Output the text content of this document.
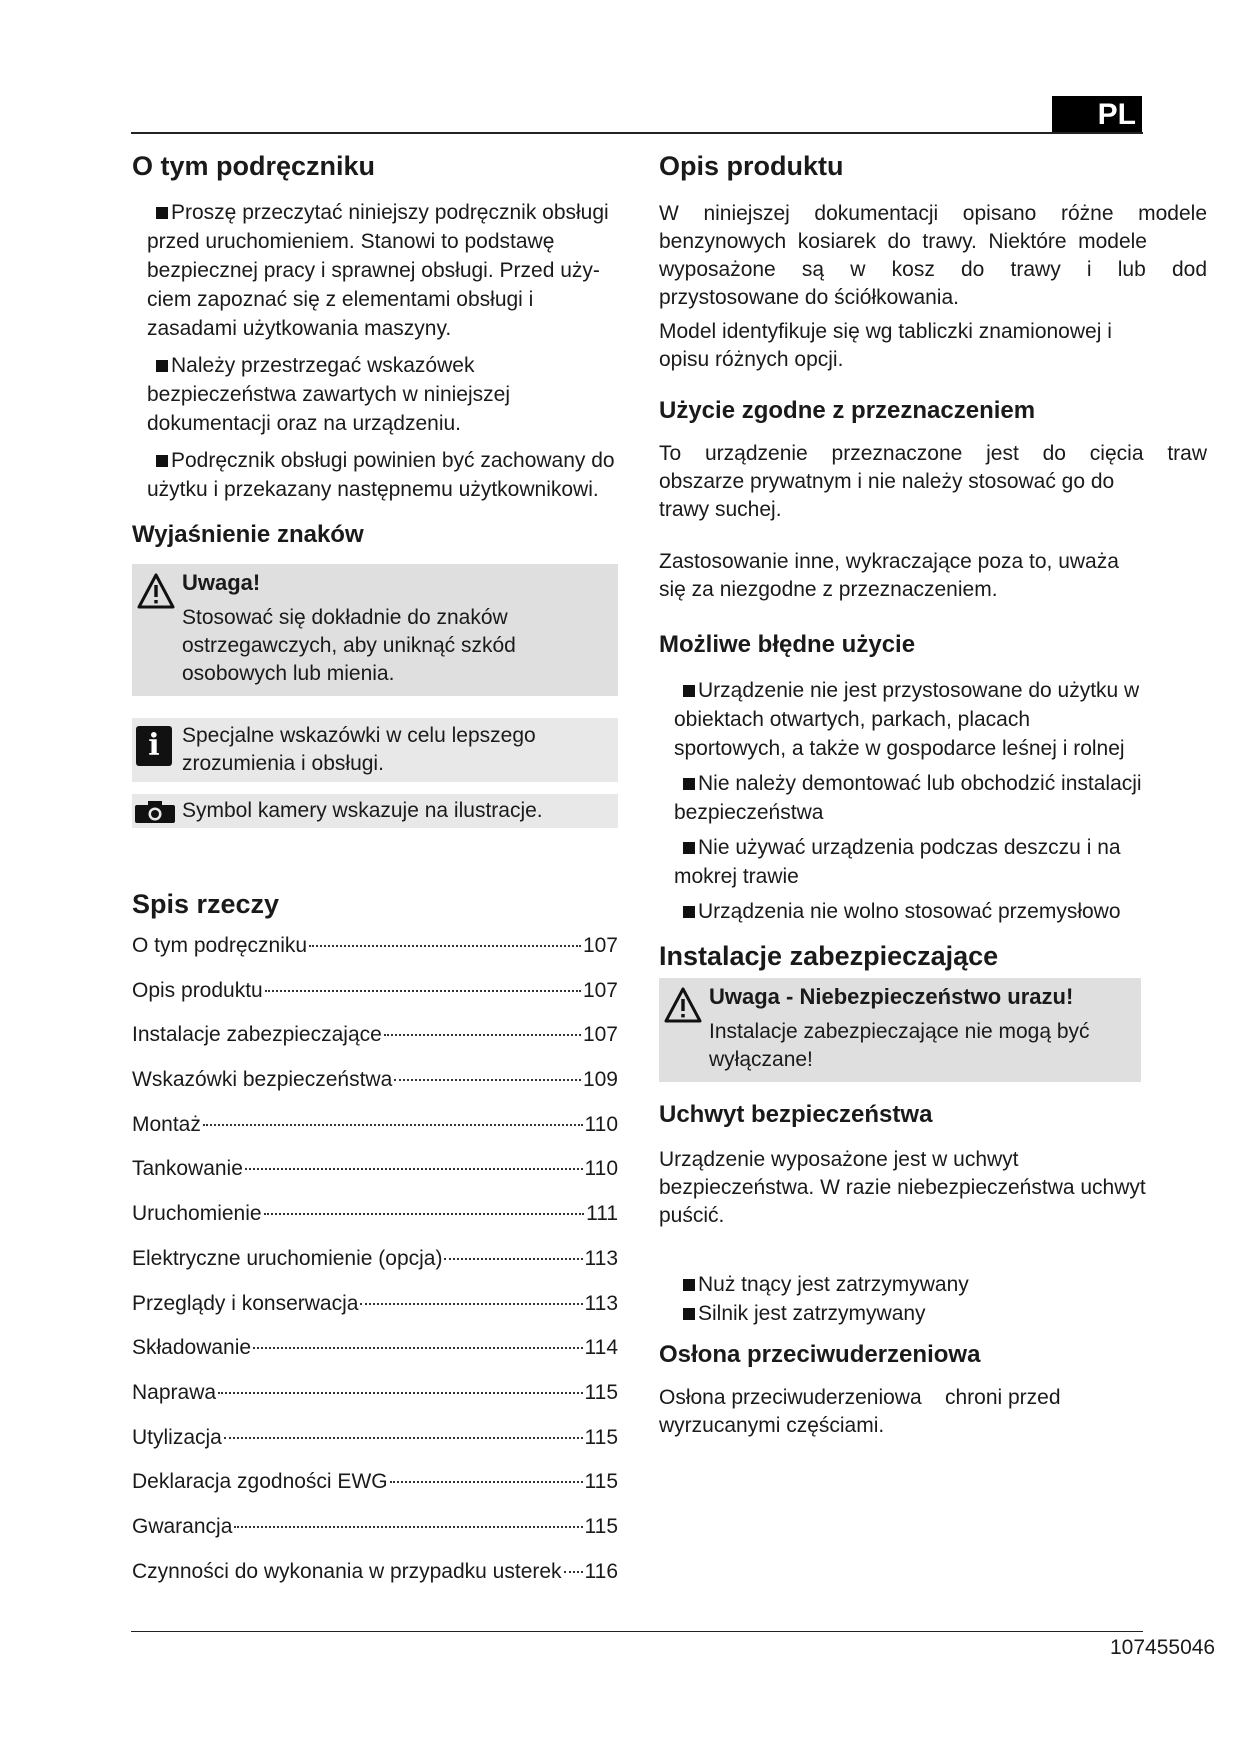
PL
O tym podręczniku
Proszę przeczytać niniejszy podręcznik obsługi przed uruchomieniem. Stanowi to podstawę bezpiecznej pracy i sprawnej obsługi. Przed uży- ciem zapoznać się z elementami obsługi i zasadami użytkowania maszyny.
Należy przestrzegać wskazówek bezpieczeństwa zawartych w niniejszej dokumentacji oraz na urządzeniu.
Podręcznik obsługi powinien być zachowany do użytku i przekazany następnemu użytkownikowi.
Wyjaśnienie znaków
Uwaga!
Stosować się dokładnie do znaków ostrzegawczych, aby uniknąć szkód osobowych lub mienia.
i	Specjalne wskazówki w celu lepszego zrozumienia i obsługi.
Symbol kamery wskazuje na ilustracje.
Spis rzeczy
O tym podręczniku	107
Opis produktu	107
Instalacje zabezpieczające	107
Wskazówki bezpieczeństwa	109
Montaż	110
Tankowanie	110
Uruchomienie	111
Elektryczne uruchomienie (opcja)	113
Przeglądy i konserwacja	113
Składowanie	114
Naprawa	115
Utylizacja	115
Deklaracja zgodności EWG	115
Gwarancja	115
Czynności do wykonania w przypadku usterek 116
Opis produktu

W niniejszej dokumentacji opisano różne modele

benzynowych kosiarek do trawy. Niektóre modele

wyposażone są w kosz do trawy i lub dod

przystosowane do ściółkowania.

Model identyfikuje się wg tabliczki znamionowej i opisu różnych opcji.

Użycie zgodne z przeznaczeniem

To urządzenie przeznaczone jest do cięcia traw

obszarze prywatnym i nie należy stosować go do trawy suchej.

Zastosowanie inne, wykraczające poza to, uważa się za niezgodne z przeznaczeniem.

Możliwe błędne użycie
Urządzenie nie jest przystosowane do użytku w obiektach otwartych, parkach, placach sportowych, a także w gospodarce leśnej i rolnej
Nie należy demontować lub obchodzić instalacji bezpieczeństwa
Nie używać urządzenia podczas deszczu i na mokrej trawie
Urządzenia nie wolno stosować przemysłowo
Instalacje zabezpieczające
Uwaga - Niebezpieczeństwo urazu!
Instalacje zabezpieczające nie mogą być wyłączane!
Uchwyt bezpieczeństwa

Urządzenie wyposażone jest w uchwyt bezpieczeństwa. W razie niebezpieczeństwa uchwyt puścić.

Nuż tnący jest zatrzymywany
Silnik jest zatrzymywany
Osłona przeciwuderzeniowa

Osłona przeciwuderzeniowa    chroni przed wyrzucanymi częściami.

107455046
